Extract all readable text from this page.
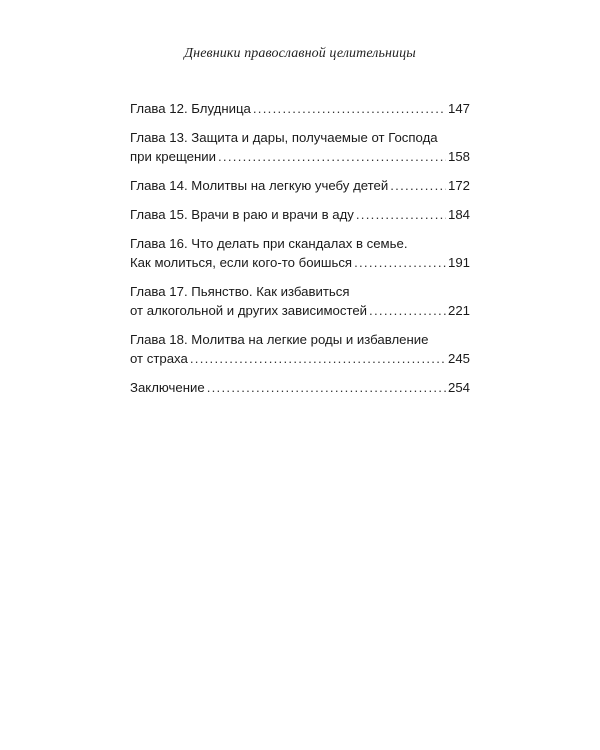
Дневники православной целительницы
Глава 12. Блудница . . .	147
Глава 13. Защита и дары, получаемые от Господа
при крещении . . .	158
Глава 14. Молитвы на легкую учебу детей . . .	172
Глава 15. Врачи в раю и врачи в аду . . .	184
Глава 16. Что делать при скандалах в семье.
Как молиться, если кого-то боишься . . .	191
Глава 17. Пьянство. Как избавиться
от алкогольной и других зависимостей . . .	221
Глава 18. Молитва на легкие роды и избавление
от страха . . .	245
Заключение . . .	254
